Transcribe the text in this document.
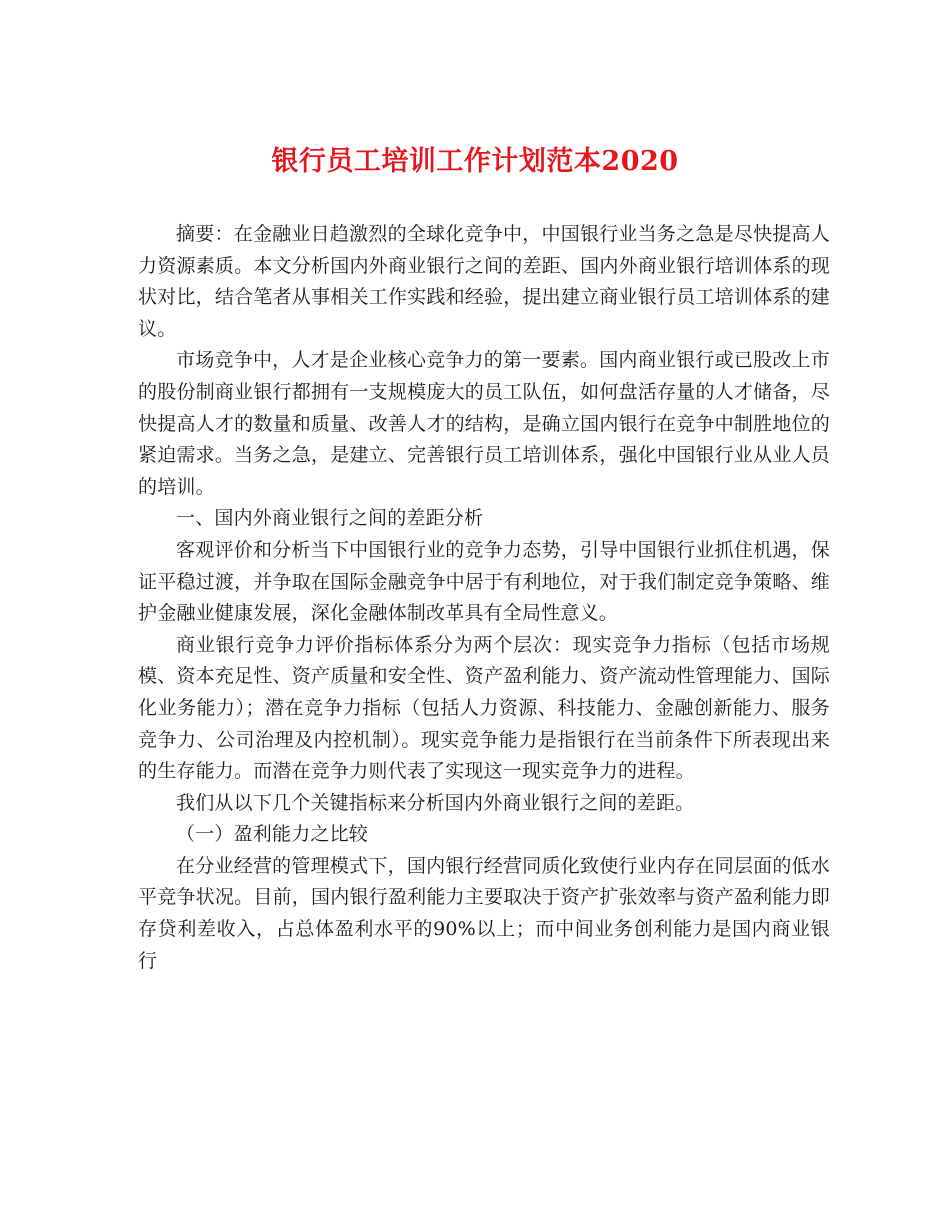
银行员工培训工作计划范本2020

摘要：在金融业日趋激烈的全球化竞争中，中国银行业当务之急是尽快提高人力资源素质。本文分析国内外商业银行之间的差距、国内外商业银行培训体系的现状对比，结合笔者从事相关工作实践和经验，提出建立商业银行员工培训体系的建议。

市场竞争中，人才是企业核心竞争力的第一要素。国内商业银行或已股改上市的股份制商业银行都拥有一支规模庞大的员工队伍，如何盘活存量的人才储备，尽快提高人才的数量和质量、改善人才的结构，是确立国内银行在竞争中制胜地位的紧迫需求。当务之急，是建立、完善银行员工培训体系，强化中国银行业从业人员的培训。

一、国内外商业银行之间的差距分析

客观评价和分析当下中国银行业的竞争力态势，引导中国银行业抓住机遇，保证平稳过渡，并争取在国际金融竞争中居于有利地位，对于我们制定竞争策略、维护金融业健康发展，深化金融体制改革具有全局性意义。

商业银行竞争力评价指标体系分为两个层次：现实竞争力指标（包括市场规模、资本充足性、资产质量和安全性、资产盈利能力、资产流动性管理能力、国际化业务能力）；潜在竞争力指标（包括人力资源、科技能力、金融创新能力、服务竞争力、公司治理及内控机制）。现实竞争能力是指银行在当前条件下所表现出来的生存能力。而潜在竞争力则代表了实现这一现实竞争力的进程。

我们从以下几个关键指标来分析国内外商业银行之间的差距。

（一）盈利能力之比较

在分业经营的管理模式下，国内银行经营同质化致使行业内存在同层面的低水平竞争状况。目前，国内银行盈利能力主要取决于资产扩张效率与资产盈利能力即存贷利差收入，占总体盈利水平的90%以上；而中间业务创利能力是国内商业银行
